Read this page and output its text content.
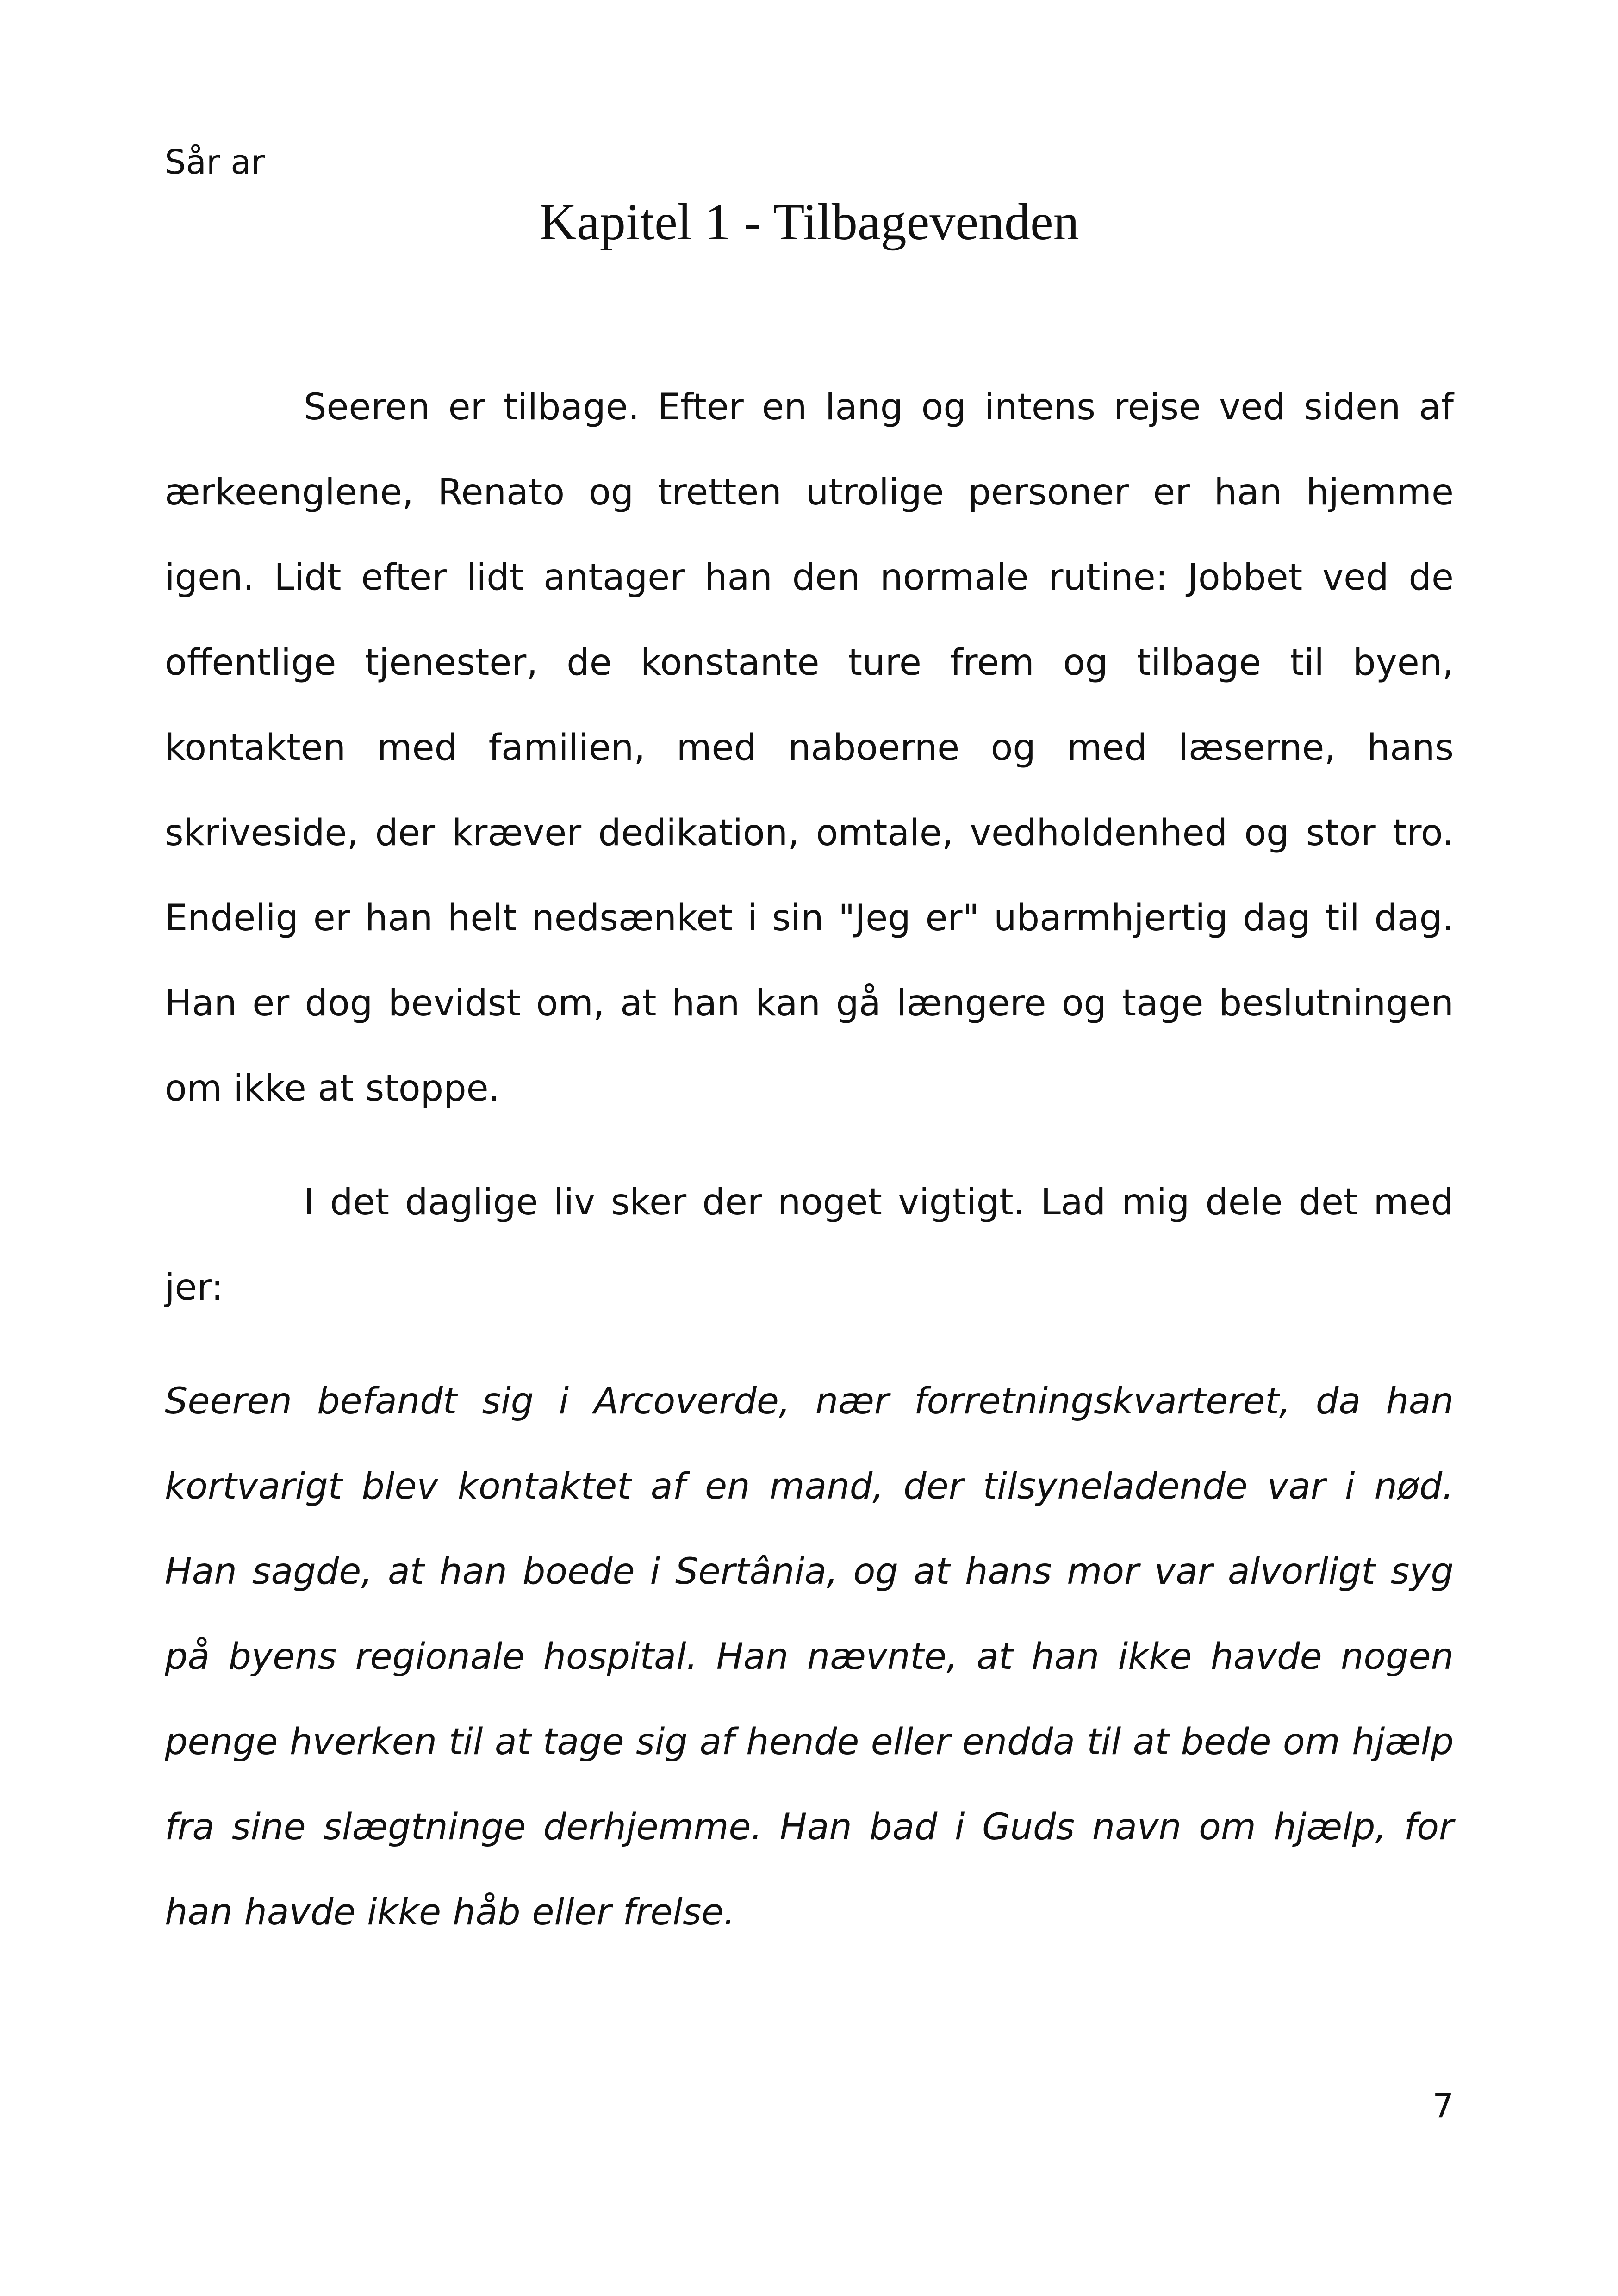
Sår ar

Kapitel 1 - Tilbagevenden

Seeren er tilbage. Efter en lang og intens rejse ved siden af ærkeenglene, Renato og tretten utrolige personer er han hjemme igen. Lidt efter lidt antager han den normale rutine: Jobbet ved de offentlige tjenester, de konstante ture frem og tilbage til byen, kontakten med familien, med naboerne og med læserne, hans skriveside, der kræver dedikation, omtale, vedholdenhed og stor tro. Endelig er han helt nedsænket i sin "Jeg er" ubarmhjertig dag til dag. Han er dog bevidst om, at han kan gå længere og tage beslutningen om ikke at stoppe.

I det daglige liv sker der noget vigtigt. Lad mig dele det med jer:

Seeren befandt sig i Arcoverde, nær forretningskvarteret, da han kortvarigt blev kontaktet af en mand, der tilsyneladende var i nød. Han sagde, at han boede i Sertânia, og at hans mor var alvorligt syg på byens regionale hospital. Han nævnte, at han ikke havde nogen penge hverken til at tage sig af hende eller endda til at bede om hjælp fra sine slægtninge derhjemme. Han bad i Guds navn om hjælp, for han havde ikke håb eller frelse.

7
